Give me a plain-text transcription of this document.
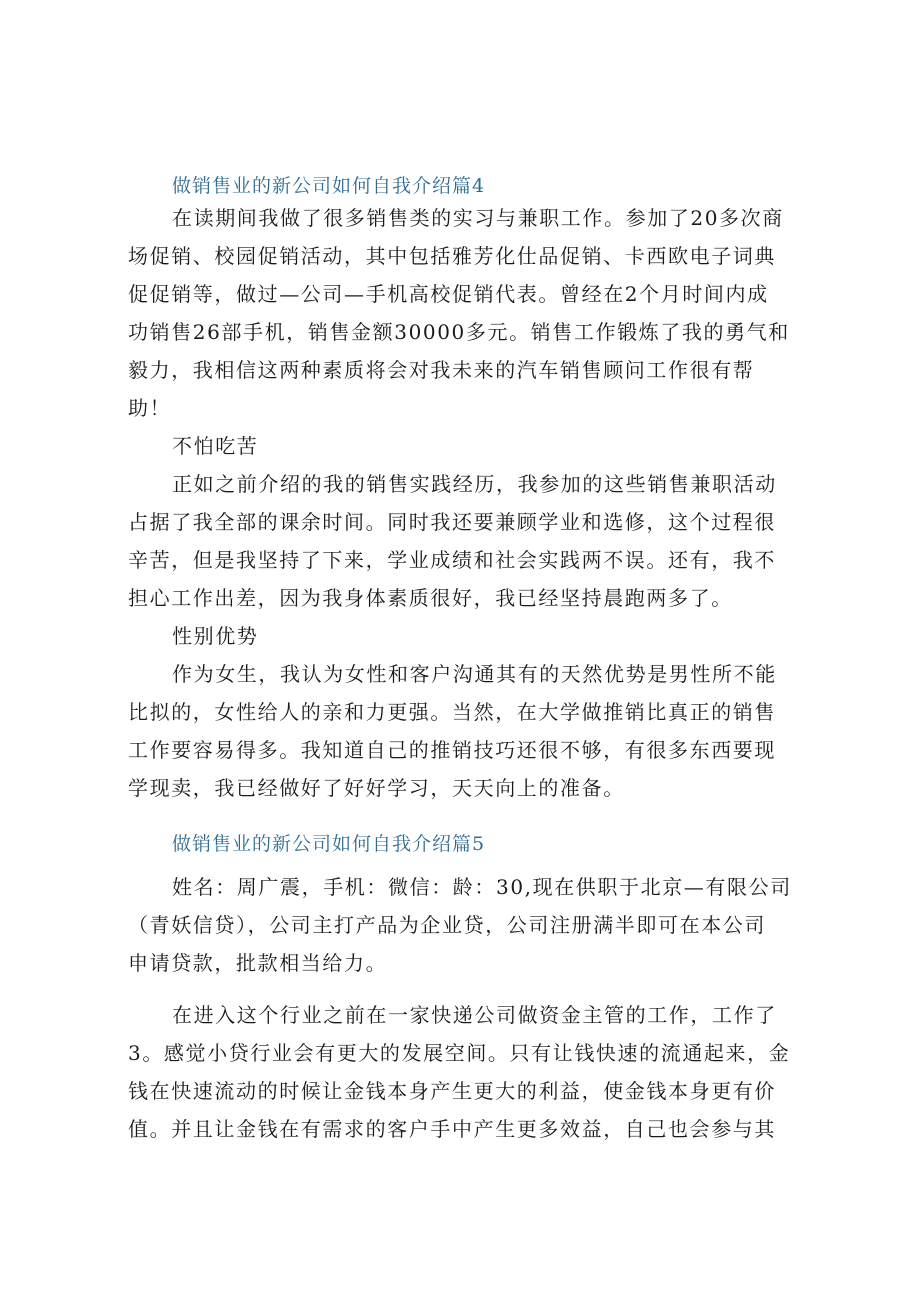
做销售业的新公司如何自我介绍篇4
在读期间我做了很多销售类的实习与兼职工作。参加了20多次商
场促销、校园促销活动，其中包括雅芳化仕品促销、卡西欧电子词典
促促销等，做过—公司—手机高校促销代表。曾经在2个月时间内成
功销售26部手机，销售金额30000多元。销售工作锻炼了我的勇气和
毅力，我相信这两种素质将会对我未来的汽车销售顾问工作很有帮
助！
不怕吃苦
正如之前介绍的我的销售实践经历，我参加的这些销售兼职活动
占据了我全部的课余时间。同时我还要兼顾学业和选修，这个过程很
辛苦，但是我坚持了下来，学业成绩和社会实践两不误。还有，我不
担心工作出差，因为我身体素质很好，我已经坚持晨跑两多了。
性别优势
作为女生，我认为女性和客户沟通其有的天然优势是男性所不能
比拟的，女性给人的亲和力更强。当然，在大学做推销比真正的销售
工作要容易得多。我知道自己的推销技巧还很不够，有很多东西要现
学现卖，我已经做好了好好学习，天天向上的准备。
做销售业的新公司如何自我介绍篇5
姓名：周广震，手机：微信：龄：30,现在供职于北京—有限公司
（青妖信贷），公司主打产品为企业贷，公司注册满半即可在本公司
申请贷款，批款相当给力。
在进入这个行业之前在一家快递公司做资金主管的工作，工作了
3。感觉小贷行业会有更大的发展空间。只有让钱快速的流通起来，金
钱在快速流动的时候让金钱本身产生更大的利益，使金钱本身更有价
值。并且让金钱在有需求的客户手中产生更多效益，自己也会参与其
